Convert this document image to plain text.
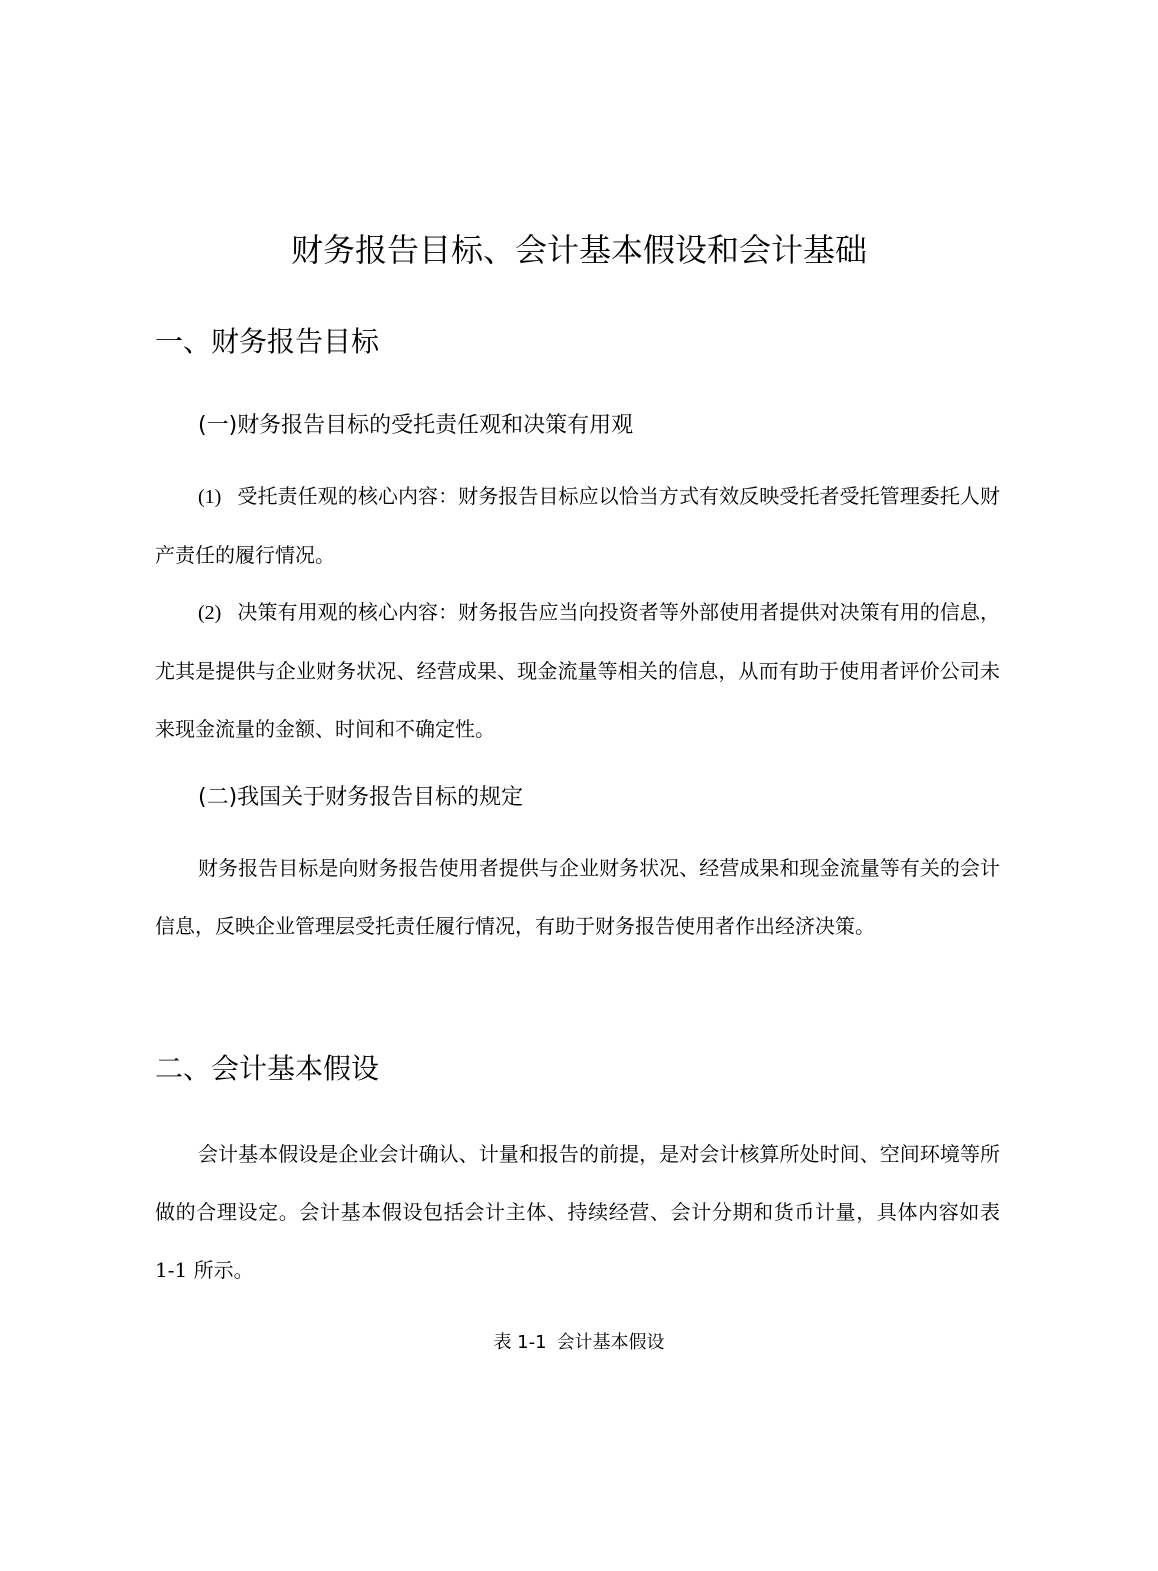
财务报告目标、会计基本假设和会计基础
一、财务报告目标
(一)财务报告目标的受托责任观和决策有用观

(1) 受托责任观的核心内容：财务报告目标应以恰当方式有效反映受托者受托管理委托人财产责任的履行情况。

(2) 决策有用观的核心内容：财务报告应当向投资者等外部使用者提供对决策有用的信息，尤其是提供与企业财务状况、经营成果、现金流量等相关的信息，从而有助于使用者评价公司未来现金流量的金额、时间和不确定性。

(二)我国关于财务报告目标的规定

财务报告目标是向财务报告使用者提供与企业财务状况、经营成果和现金流量等有关的会计信息，反映企业管理层受托责任履行情况，有助于财务报告使用者作出经济决策。

二、会计基本假设

会计基本假设是企业会计确认、计量和报告的前提，是对会计核算所处时间、空间环境等所做的合理设定。会计基本假设包括会计主体、持续经营、会计分期和货币计量，具体内容如表 1-1 所示。

表 1-1 会计基本假设
